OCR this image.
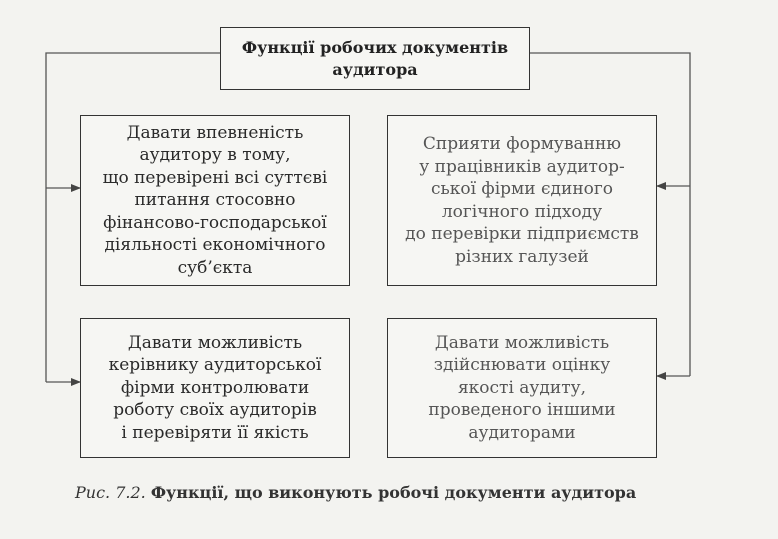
Функції робочих документів
аудитора
Давати впевненість
аудитору в тому,
що перевірені всі суттєві
питання стосовно
фінансово-господарської
діяльності економічного
суб’єкта
Сприяти формуванню
у працівників аудитор-
ської фірми єдиного
логічного підходу
до перевірки підприємств
різних галузей
Давати можливість
керівнику аудиторської
фірми контролювати
роботу своїх аудиторів
і перевіряти її якість
Давати можливість
здійснювати оцінку
якості аудиту,
проведеного іншими
аудиторами
Рис. 7.2. Функції, що виконують робочі документи аудитора
